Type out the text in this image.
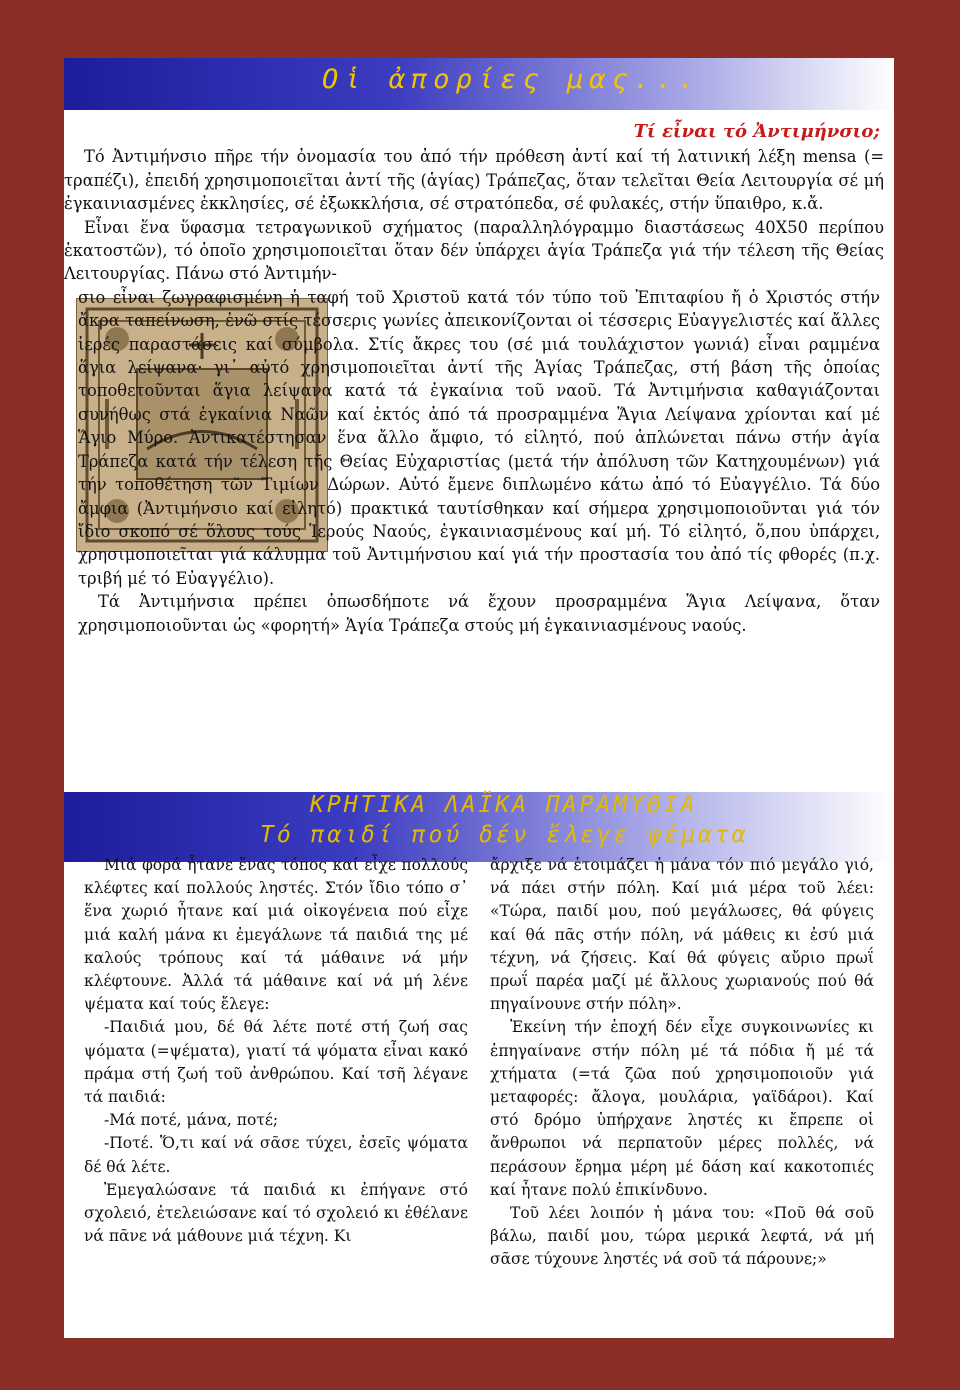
Οἱ ἀπορίες μας...
Τί εἶναι τό Ἀντιμήνσιο;

Τό Ἀντιμήνσιο πῆρε τήν ὀνομασία του ἀπό τήν πρόθεση ἀντί καί τή λατινική λέξη mensa (= τραπέζι), ἐπειδή χρησιμοποιεῖται ἀντί τῆς (ἁγίας) Τράπεζας, ὅταν τελεῖται Θεία Λειτουργία σέ μή ἐγκαινιασμένες ἐκκλησίες, σέ ἐξωκκλήσια, σέ στρατόπεδα, σέ φυλακές, στήν ὕπαιθρο, κ.ἄ.

Εἶναι ἕνα ὕφασμα τετραγωνικοῦ σχήματος (παραλληλόγραμμο διαστάσεως 40Χ50 περίπου ἑκατοστῶν), τό ὁποῖο χρησιμοποιεῖται ὅταν δέν ὑπάρχει ἁγία Τράπεζα γιά τήν τέλεση τῆς Θείας Λειτουργίας. Πάνω στό Ἀντιμήν-

σιο εἶναι ζωγραφισμένη ἡ ταφή τοῦ Χριστοῦ κατά τόν τύπο τοῦ Ἐπιταφίου ἤ ὁ Χριστός στήν ἄκρα ταπείνωση, ἐνῶ στίς τέσσερις γωνίες ἀπεικονίζονται οἱ τέσσερις Εὐαγγελιστές καί ἄλλες ἱερές παραστάσεις καί σύμβολα. Στίς ἄκρες του (σέ μιά τουλάχιστον γωνιά) εἶναι ραμμένα ἅγια λείψανα· γι᾽ αὐτό χρησιμοποιεῖται ἀντί τῆς Ἁγίας Τράπεζας, στή βάση τῆς ὁποίας τοποθετοῦνται ἅγια λείψανα κατά τά ἐγκαίνια τοῦ ναοῦ. Τά Ἀντιμήνσια καθαγιάζονται συνήθως στά ἐγκαίνια Ναῶν καί ἐκτός ἀπό τά προσραμμένα Ἅγια Λείψανα χρίονται καί μέ Ἅγιο Μύρο. Ἀντικατέστησαν ἕνα ἄλλο ἄμφιο, τό εἰλητό, πού ἁπλώνεται πάνω στήν ἁγία Τράπεζα κατά τήν τέλεση τῆς Θείας Εὐχαριστίας (μετά τήν ἀπόλυση τῶν Κατηχουμένων) γιά τήν τοποθέτηση τῶν Τιμίων Δώρων. Αὐτό ἔμενε διπλωμένο κάτω ἀπό τό Εὐαγγέλιο. Τά δύο ἄμφια (Ἀντιμήνσιο καί εἰλητό) πρακτικά ταυτίσθηκαν καί σήμερα χρησιμοποιοῦνται γιά τόν ἴδιο σκοπό σέ ὅλους τούς Ἱερούς Ναούς, ἐγκαινιασμένους καί μή. Τό εἰλητό, ὅ,που ὑπάρχει, χρησιμοποιεῖται γιά κάλυμμα τοῦ Ἀντιμήνσιου καί γιά τήν προστασία του ἀπό τίς φθορές (π.χ. τριβή μέ τό Εὐαγγέλιο).

Τά Ἀντιμήνσια πρέπει ὁπωσδήποτε νά ἔχουν προσραμμένα Ἅγια Λείψανα, ὅταν χρησιμοποιοῦνται ὡς «φορητή» Ἁγία Τράπεζα στούς μή ἐγκαινιασμένους ναούς.

ΚΡΗΤΙΚΑ ΛΑΪΚΑ ΠΑΡΑΜΥΘΙΑ
Τό παιδί πού δέν ἔλεγε ψέματα

Μιά φορά ἦτανε ἕνας τόπος καί εἶχε πολλούς κλέφτες καί πολλούς ληστές. Στόν ἴδιο τόπο σ᾽ ἕνα χωριό ἦτανε καί μιά οἰκογένεια πού εἶχε μιά καλή μάνα κι ἐμεγάλωνε τά παιδιά της μέ καλούς τρόπους καί τά μάθαινε νά μήν κλέφτουνε. Ἀλλά τά μάθαινε καί νά μή λένε ψέματα καί τούς ἔλεγε:

-Παιδιά μου, δέ θά λέτε ποτέ στή ζωή σας ψόματα (=ψέματα), γιατί τά ψόματα εἶναι κακό πράμα στή ζωή τοῦ ἀνθρώπου. Καί τσῆ λέγανε τά παιδιά:

-Μά ποτέ, μάνα, ποτέ;

-Ποτέ. Ὅ,τι καί νά σᾶσε τύχει, ἐσεῖς ψόματα δέ θά λέτε.

Ἐμεγαλώσανε τά παιδιά κι ἐπήγανε στό σχολειό, ἐτελειώσανε καί τό σχολειό κι ἐθέλανε νά πᾶνε νά μάθουνε μιά τέχνη. Κι

ἄρχιξε νά ἑτοιμάζει ἡ μάνα τόν πιό μεγάλο γιό, νά πάει στήν πόλη. Καί μιά μέρα τοῦ λέει: «Τώρα, παιδί μου, πού μεγάλωσες, θά φύγεις καί θά πᾶς στήν πόλη, νά μάθεις κι ἐσύ μιά τέχνη, νά ζήσεις. Καί θά φύγεις αὔριο πρωΐ πρωΐ παρέα μαζί μέ ἄλλους χωριανούς πού θά πηγαίνουνε στήν πόλη».

Ἐκείνη τήν ἐποχή δέν εἶχε συγκοινωνίες κι ἐπηγαίνανε στήν πόλη μέ τά πόδια ἤ μέ τά χτήματα (=τά ζῶα πού χρησιμοποιοῦν γιά μεταφορές: ἄλογα, μουλάρια, γαϊδάροι). Καί στό δρόμο ὑπήρχανε ληστές κι ἔπρεπε οἱ ἄνθρωποι νά περπατοῦν μέρες πολλές, νά περάσουν ἔρημα μέρη μέ δάση καί κακοτοπιές καί ἦτανε πολύ ἐπικίνδυνο.

Τοῦ λέει λοιπόν ἡ μάνα του: «Ποῦ θά σοῦ βάλω, παιδί μου, τώρα μερικά λεφτά, νά μή σᾶσε τύχουνε ληστές νά σοῦ τά πάρουνε;»
